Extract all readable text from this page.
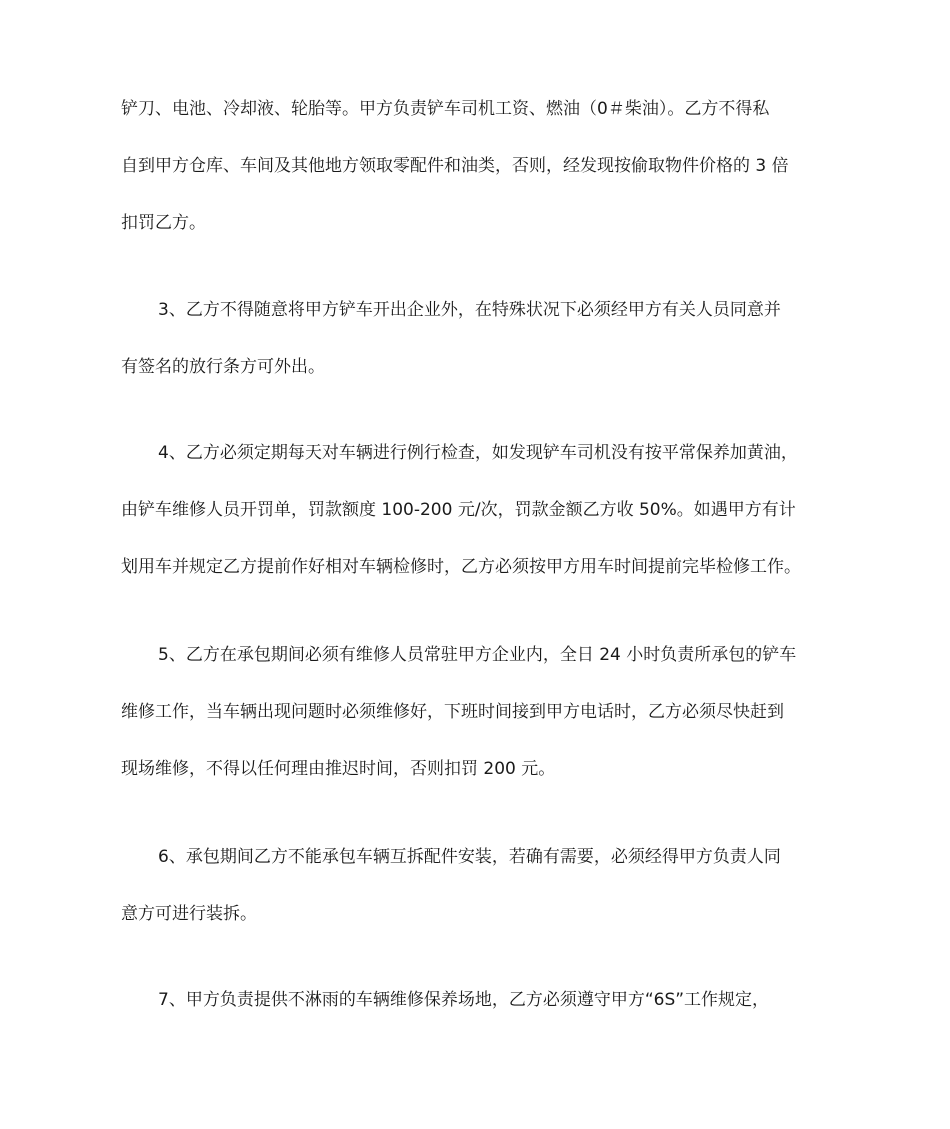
铲刀、电池、冷却液、轮胎等。甲方负责铲车司机工资、燃油（0＃柴油）。乙方不得私
自到甲方仓库、车间及其他地方领取零配件和油类，否则，经发现按偷取物件价格的 3 倍
扣罚乙方。
3、乙方不得随意将甲方铲车开出企业外，在特殊状况下必须经甲方有关人员同意并
有签名的放行条方可外出。
4、乙方必须定期每天对车辆进行例行检查，如发现铲车司机没有按平常保养加黄油，
由铲车维修人员开罚单，罚款额度 100-200 元/次，罚款金额乙方收 50%。如遇甲方有计
划用车并规定乙方提前作好相对车辆检修时，乙方必须按甲方用车时间提前完毕检修工作。
5、乙方在承包期间必须有维修人员常驻甲方企业内，全日 24 小时负责所承包的铲车
维修工作，当车辆出现问题时必须维修好，下班时间接到甲方电话时，乙方必须尽快赶到
现场维修，不得以任何理由推迟时间，否则扣罚 200 元。
6、承包期间乙方不能承包车辆互拆配件安装，若确有需要，必须经得甲方负责人同
意方可进行装拆。
7、甲方负责提供不淋雨的车辆维修保养场地，乙方必须遵守甲方“6S”工作规定，
